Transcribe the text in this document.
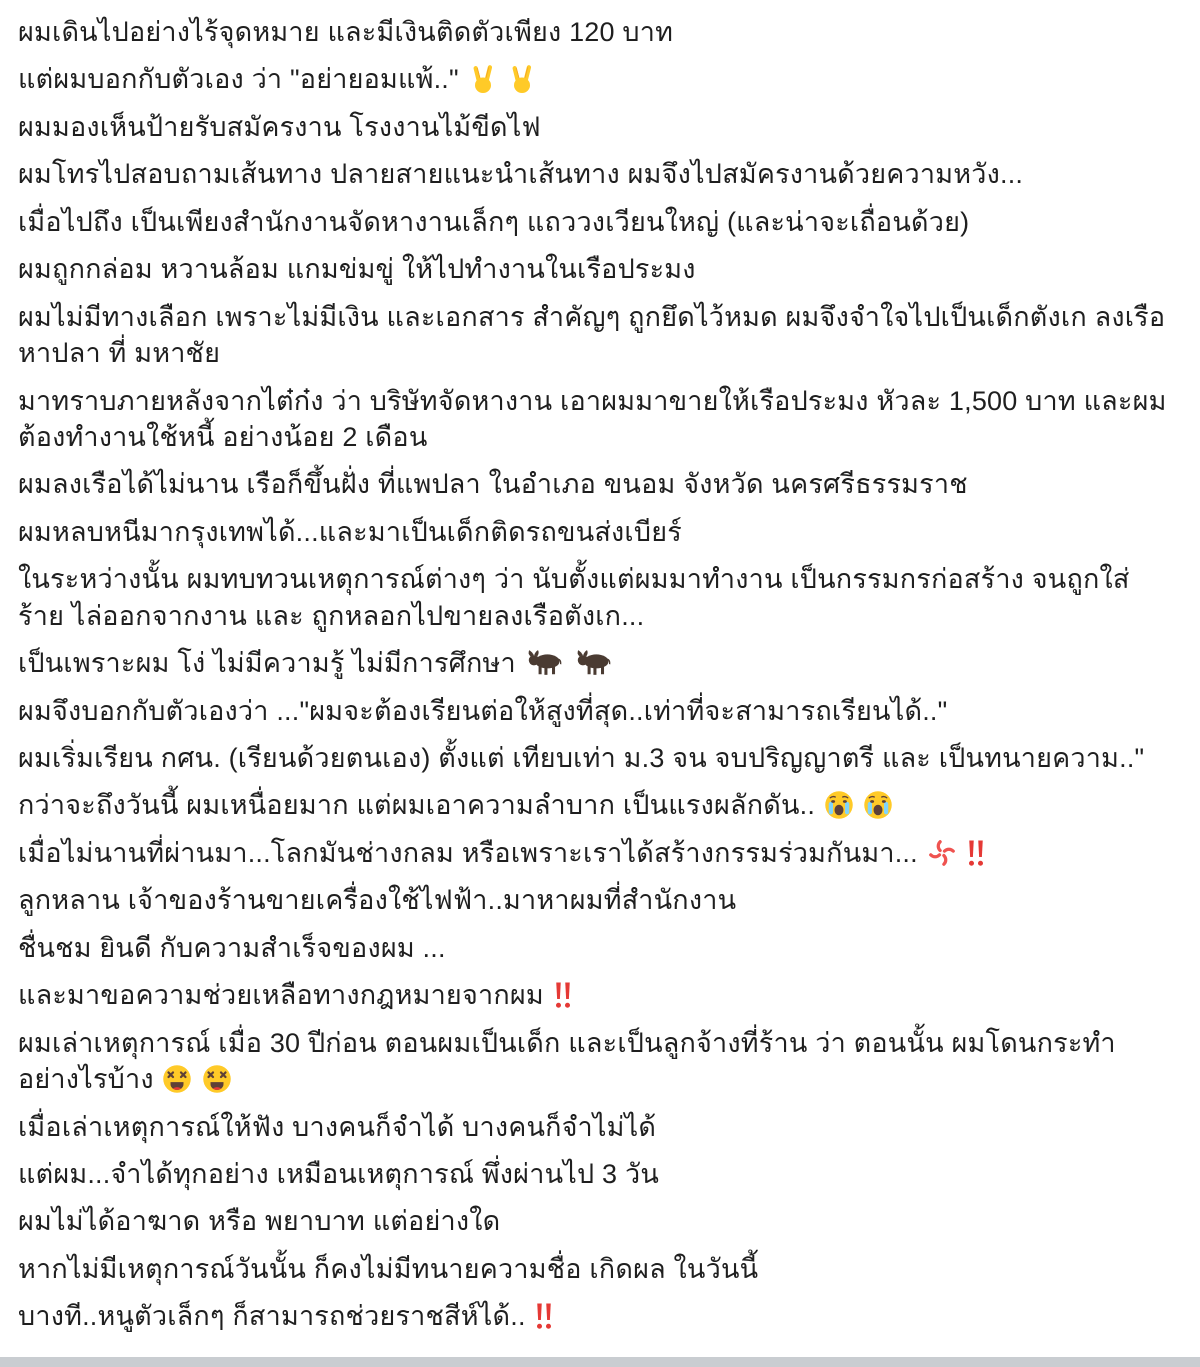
ผมเดินไปอย่างไร้จุดหมาย และมีเงินติดตัวเพียง 120 บาท

แต่ผมบอกกับตัวเอง ว่า "อย่ายอมแพ้.."

ผมมองเห็นป้ายรับสมัครงาน โรงงานไม้ขีดไฟ

ผมโทรไปสอบถามเส้นทาง ปลายสายแนะนำเส้นทาง ผมจึงไปสมัครงานด้วยความหวัง...

เมื่อไปถึง เป็นเพียงสำนักงานจัดหางานเล็กๆ แถววงเวียนใหญ่ (และน่าจะเถื่อนด้วย)

ผมถูกกล่อม หวานล้อม แกมข่มขู่ ให้ไปทำงานในเรือประมง

ผมไม่มีทางเลือก เพราะไม่มีเงิน และเอกสาร สำคัญๆ ถูกยึดไว้หมด ผมจึงจำใจไปเป็นเด็กตังเก ลงเรือหาปลา ที่ มหาชัย

มาทราบภายหลังจากไต๋ก๋ง ว่า บริษัทจัดหางาน เอาผมมาขายให้เรือประมง หัวละ 1,500 บาท และผมต้องทำงานใช้หนี้ อย่างน้อย 2 เดือน

ผมลงเรือได้ไม่นาน เรือก็ขึ้นฝั่ง ที่แพปลา ในอำเภอ ขนอม จังหวัด นครศรีธรรมราช

ผมหลบหนีมากรุงเทพได้...และมาเป็นเด็กติดรถขนส่งเบียร์

ในระหว่างนั้น ผมทบทวนเหตุการณ์ต่างๆ ว่า นับตั้งแต่ผมมาทำงาน เป็นกรรมกรก่อสร้าง จนถูกใส่ร้าย ไล่ออกจากงาน และ ถูกหลอกไปขายลงเรือตังเก...

เป็นเพราะผม โง่ ไม่มีความรู้ ไม่มีการศึกษา

ผมจึงบอกกับตัวเองว่า ..."ผมจะต้องเรียนต่อให้สูงที่สุด..เท่าที่จะสามารถเรียนได้.."

ผมเริ่มเรียน กศน. (เรียนด้วยตนเอง) ตั้งแต่ เทียบเท่า ม.3 จน จบปริญญาตรี และ เป็นทนายความ.."

กว่าจะถึงวันนี้ ผมเหนื่อยมาก แต่ผมเอาความลำบาก เป็นแรงผลักดัน..

เมื่อไม่นานที่ผ่านมา...โลกมันช่างกลม หรือเพราะเราได้สร้างกรรมร่วมกันมา...

ลูกหลาน เจ้าของร้านขายเครื่องใช้ไฟฟ้า..มาหาผมที่สำนักงาน

ชื่นชม ยินดี กับความสำเร็จของผม ...

และมาขอความช่วยเหลือทางกฎหมายจากผม

ผมเล่าเหตุการณ์ เมื่อ 30 ปีก่อน ตอนผมเป็นเด็ก และเป็นลูกจ้างที่ร้าน ว่า ตอนนั้น ผมโดนกระทำอย่างไรบ้าง

เมื่อเล่าเหตุการณ์ให้ฟัง บางคนก็จำได้ บางคนก็จำไม่ได้

แต่ผม...จำได้ทุกอย่าง เหมือนเหตุการณ์ พึ่งผ่านไป 3 วัน

ผมไม่ได้อาฆาด หรือ พยาบาท แต่อย่างใด

หากไม่มีเหตุการณ์วันนั้น ก็คงไม่มีทนายความชื่อ เกิดผล ในวันนี้

บางที..หนูตัวเล็กๆ ก็สามารถช่วยราชสีห์ได้..
